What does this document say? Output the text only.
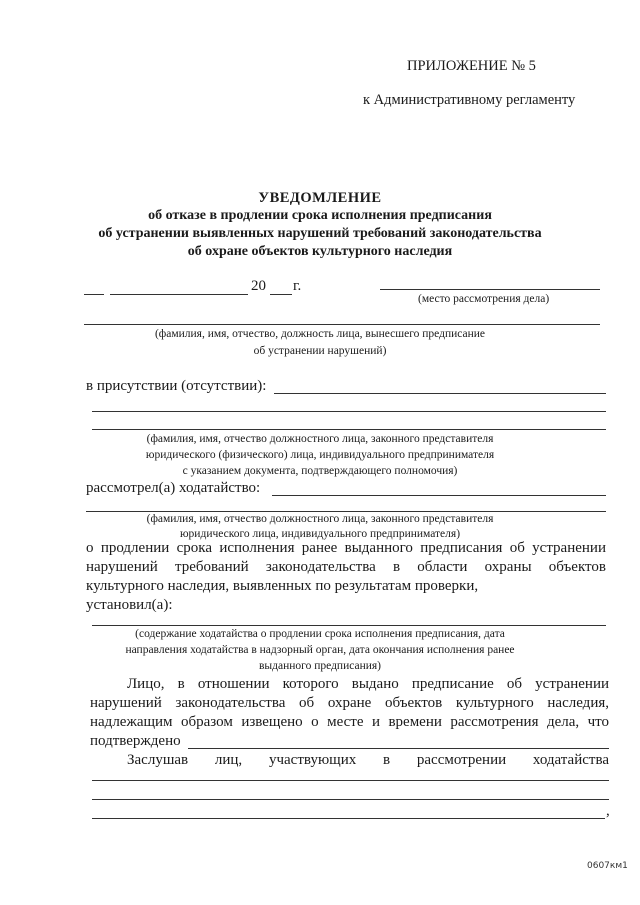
ПРИЛОЖЕНИЕ № 5
к Административному регламенту
УВЕДОМЛЕНИЕ
об отказе в продлении срока исполнения предписания
об устранении выявленных нарушений требований законодательства
об охране объектов культурного наследия
20 г.
(место рассмотрения дела)
(фамилия, имя, отчество, должность лица, вынесшего предписание
об устранении нарушений)
в присутствии (отсутствии):
(фамилия, имя, отчество должностного лица, законного представителя
юридического (физического) лица, индивидуального предпринимателя
с указанием документа, подтверждающего полномочия)
рассмотрел(а) ходатайство:
(фамилия, имя, отчество должностного лица, законного представителя
юридического лица, индивидуального предпринимателя)
о продлении срока исполнения ранее выданного предписания об устранении
нарушений требований законодательства в области охраны объектов
культурного наследия, выявленных по результатам проверки,
установил(а):
(содержание ходатайства о продлении срока исполнения предписания, дата
направления ходатайства в надзорный орган, дата окончания исполнения ранее
выданного предписания)
Лицо, в отношении которого выдано предписание об устранении
нарушений законодательства об охране объектов культурного наследия,
надлежащим образом извещено о месте и времени рассмотрения дела, что
подтверждено
Заслушав лиц, участвующих в рассмотрении ходатайства
,
0607км1
